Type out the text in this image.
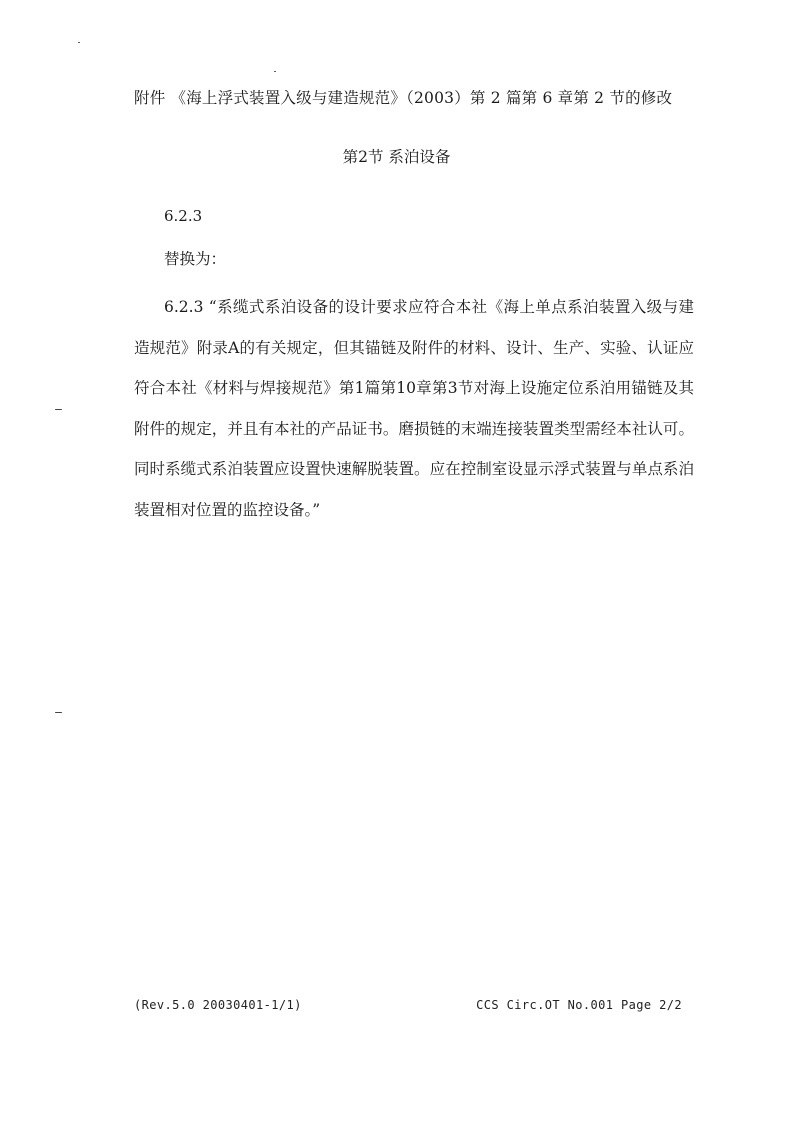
附件 《海上浮式装置入级与建造规范》（2003）第 2 篇第 6 章第 2 节的修改
第2节 系泊设备
6.2.3
替换为：
6.2.3 “系缆式系泊设备的设计要求应符合本社《海上单点系泊装置入级与建造规范》附录A的有关规定，但其锚链及附件的材料、设计、生产、实验、认证应符合本社《材料与焊接规范》第1篇第10章第3节对海上设施定位系泊用锚链及其附件的规定，并且有本社的产品证书。磨损链的末端连接装置类型需经本社认可。同时系缆式系泊装置应设置快速解脱装置。应在控制室设显示浮式装置与单点系泊装置相对位置的监控设备。”
(Rev.5.0 20030401-1/1)	CCS Circ.OT No.001 Page 2/2
